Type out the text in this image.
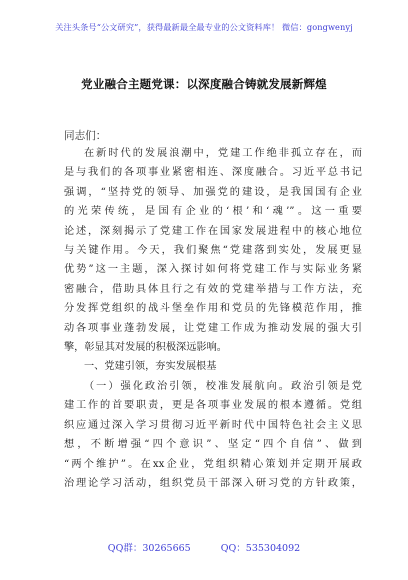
关注头条号“公文研究”，获得最新最全最专业的公文资料库！ 微信：gongwenyj
党业融合主题党课：以深度融合铸就发展新辉煌
同志们：
在新时代的发展浪潮中，党建工作绝非孤立存在，而
是与我们的各项事业紧密相连、深度融合。习近平总书记
强调，“坚持党的领导、加强党的建设，是我国国有企业
的光荣传统，是国有企业的‘根’和‘魂’”。这一重要
论述，深刻揭示了党建工作在国家发展进程中的核心地位
与关键作用。今天，我们聚焦“党建落到实处，发展更显
优势”这一主题，深入探讨如何将党建工作与实际业务紧
密融合，借助具体且行之有效的党建举措与工作方法，充
分发挥党组织的战斗堡垒作用和党员的先锋模范作用，推
动各项事业蓬勃发展，让党建工作成为推动发展的强大引
擎，彰显其对发展的积极深远影响。
一、党建引领，夯实发展根基
（一）强化政治引领，校准发展航向。政治引领是党
建工作的首要职责，更是各项事业发展的根本遵循。党组
织应通过深入学习贯彻习近平新时代中国特色社会主义思
想，不断增强“四个意识”、坚定“四个自信”、做到
“两个维护”。在xx企业，党组织精心策划并定期开展政
治理论学习活动，组织党员干部深入研习党的方针政策，
QQ群：30265665	QQ：535304092
